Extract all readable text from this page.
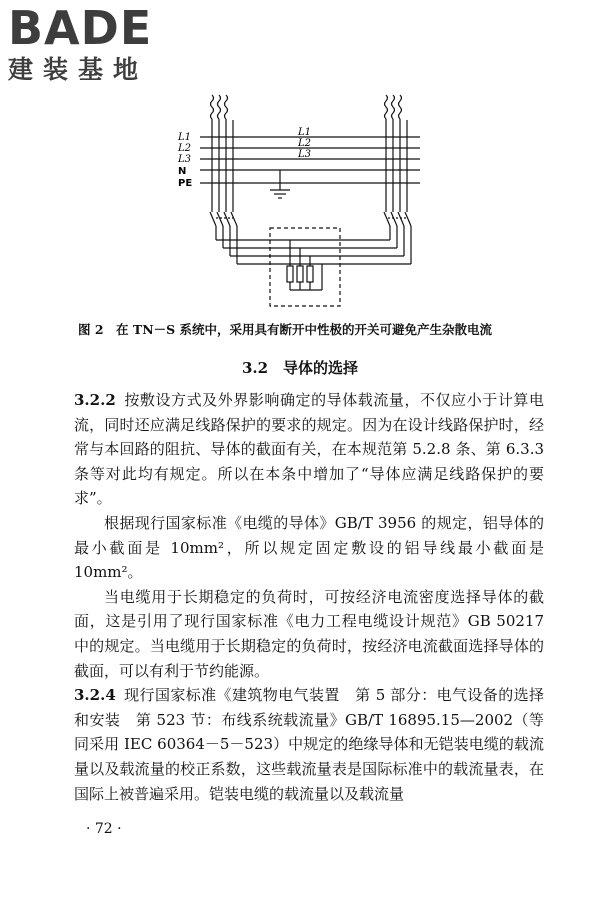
BADE
建装基地
L1
L2
L3
N
PE
L1
L2
L3
图 2　在 TN－S 系统中，采用具有断开中性极的开关可避免产生杂散电流
3.2　导体的选择

3.2.2 按敷设方式及外界影响确定的导体载流量，不仅应小于计算电流，同时还应满足线路保护的要求的规定。因为在设计线路保护时，经常与本回路的阻抗、导体的截面有关，在本规范第 5.2.8 条、第 6.3.3 条等对此均有规定。所以在本条中增加了“导体应满足线路保护的要求”。

根据现行国家标准《电缆的导体》GB/T 3956 的规定，铝导体的最小截面是 10mm²，所以规定固定敷设的铝导线最小截面是 10mm²。

当电缆用于长期稳定的负荷时，可按经济电流密度选择导体的截面，这是引用了现行国家标准《电力工程电缆设计规范》GB 50217 中的规定。当电缆用于长期稳定的负荷时，按经济电流截面选择导体的截面，可以有利于节约能源。

3.2.4 现行国家标准《建筑物电气装置　第 5 部分：电气设备的选择和安装　第 523 节：布线系统载流量》GB/T 16895.15—2002（等同采用 IEC 60364－5－523）中规定的绝缘导体和无铠装电缆的载流量以及载流量的校正系数，这些载流量表是国际标准中的载流量表，在国际上被普遍采用。铠装电缆的载流量以及载流量

· 72 ·
